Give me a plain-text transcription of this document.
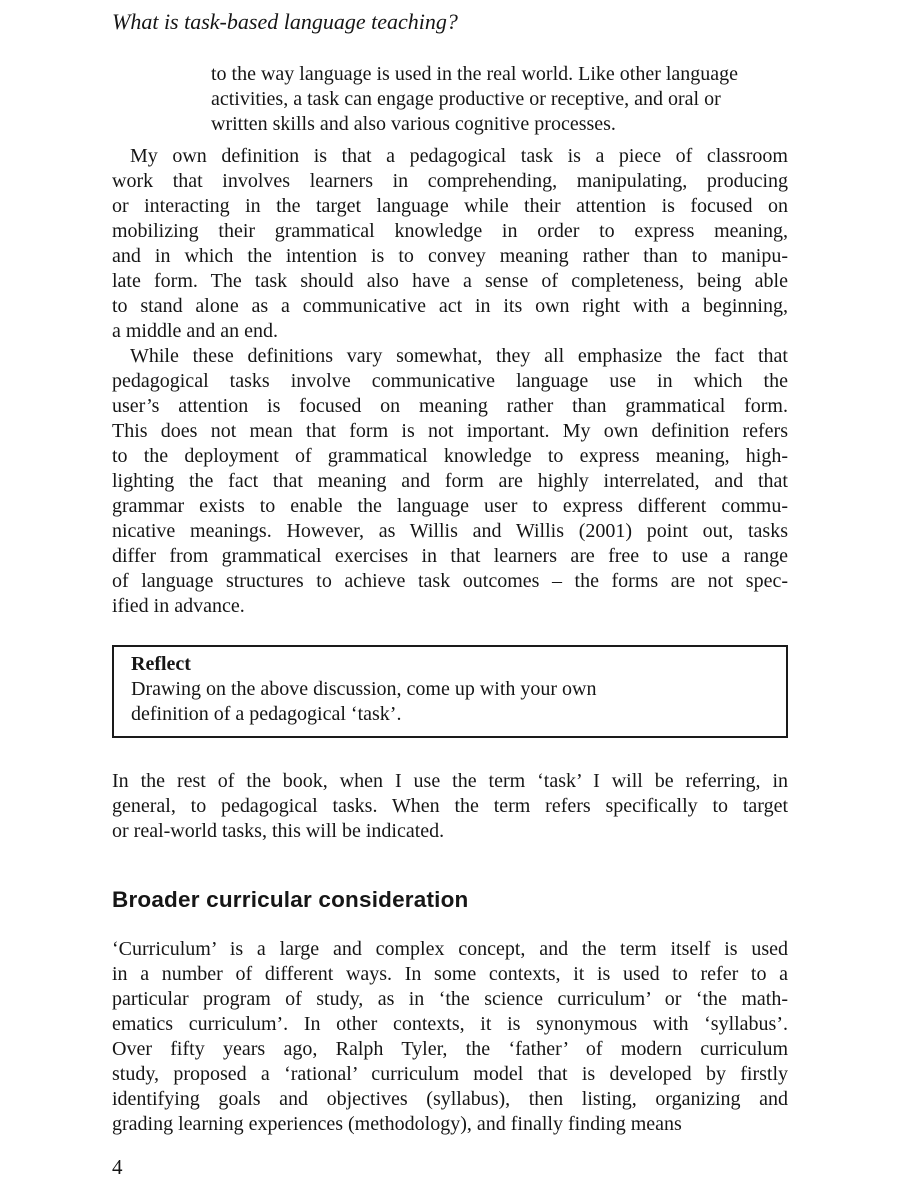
What is task-based language teaching?
to the way language is used in the real world. Like other language
activities, a task can engage productive or receptive, and oral or
written skills and also various cognitive processes.
My own definition is that a pedagogical task is a piece of classroom
work that involves learners in comprehending, manipulating, producing
or interacting in the target language while their attention is focused on
mobilizing their grammatical knowledge in order to express meaning,
and in which the intention is to convey meaning rather than to manipu-
late form. The task should also have a sense of completeness, being able
to stand alone as a communicative act in its own right with a beginning,
a middle and an end.
While these definitions vary somewhat, they all emphasize the fact that
pedagogical tasks involve communicative language use in which the
user’s attention is focused on meaning rather than grammatical form.
This does not mean that form is not important. My own definition refers
to the deployment of grammatical knowledge to express meaning, high-
lighting the fact that meaning and form are highly interrelated, and that
grammar exists to enable the language user to express different commu-
nicative meanings. However, as Willis and Willis (2001) point out, tasks
differ from grammatical exercises in that learners are free to use a range
of language structures to achieve task outcomes – the forms are not spec-
ified in advance.
Reflect
Drawing on the above discussion, come up with your own
definition of a pedagogical ‘task’.
In the rest of the book, when I use the term ‘task’ I will be referring, in
general, to pedagogical tasks. When the term refers specifically to target
or real-world tasks, this will be indicated.
Broader curricular consideration
‘Curriculum’ is a large and complex concept, and the term itself is used
in a number of different ways. In some contexts, it is used to refer to a
particular program of study, as in ‘the science curriculum’ or ‘the math-
ematics curriculum’. In other contexts, it is synonymous with ‘syllabus’.
Over fifty years ago, Ralph Tyler, the ‘father’ of modern curriculum
study, proposed a ‘rational’ curriculum model that is developed by firstly
identifying goals and objectives (syllabus), then listing, organizing and
grading learning experiences (methodology), and finally finding means
4
